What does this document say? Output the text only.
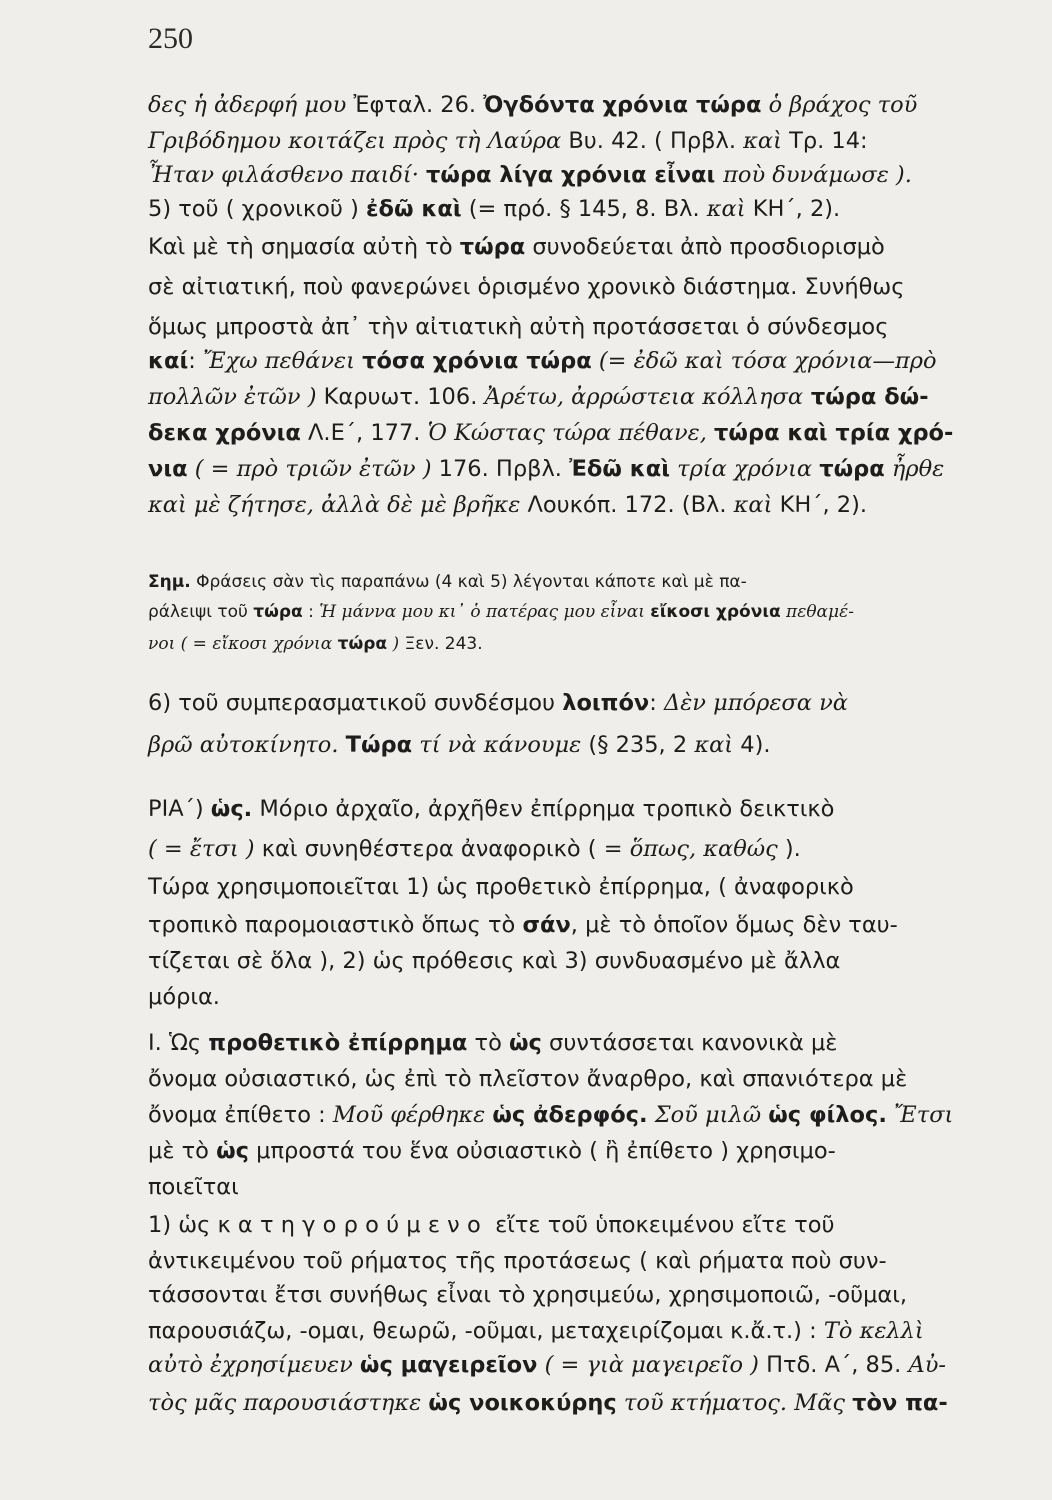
250
δες ἡ ἀδερφή μου Ἐφταλ. 26. Ὀγδόντα χρόνια τώρα ὁ βράχος τοῦ
Γριβόδημου κοιτάζει πρὸς τὴ Λαύρα Βυ. 42. ( Πρβλ. καὶ Τρ. 14:
Ἦταν φιλάσθενο παιδί· τώρα λίγα χρόνια εἶναι ποὺ δυνάμωσε ).
5) τοῦ ( χρονικοῦ ) ἐδῶ καὶ (= πρό. § 145, 8. Βλ. καὶ ΚΗ΄, 2).
Καὶ μὲ τὴ σημασία αὐτὴ τὸ τώρα συνοδεύεται ἀπὸ προσδιορισμὸ
σὲ αἰτιατική, ποὺ φανερώνει ὁρισμένο χρονικὸ διάστημα. Συνήθως
ὅμως μπροστὰ ἀπ᾿ τὴν αἰτιατικὴ αὐτὴ προτάσσεται ὁ σύνδεσμος
καί: Ἔχω πεθάνει τόσα χρόνια τώρα (= ἐδῶ καὶ τόσα χρόνια—πρὸ
πολλῶν ἐτῶν ) Καρυωτ. 106. Ἀρέτω, ἀρρώστεια κόλλησα τώρα δώ-
δεκα χρόνια Λ.Ε΄, 177. Ὁ Κώστας τώρα πέθανε, τώρα καὶ τρία χρό-
νια ( = πρὸ τριῶν ἐτῶν ) 176. Πρβλ. Ἐδῶ καὶ τρία χρόνια τώρα ἦρθε
καὶ μὲ ζήτησε, ἀλλὰ δὲ μὲ βρῆκε Λουκόπ. 172. (Βλ. καὶ ΚΗ΄, 2).
Σημ. Φράσεις σὰν τὶς παραπάνω (4 καὶ 5) λέγονται κάποτε καὶ μὲ πα-
ράλειψι τοῦ τώρα : Ἡ μάννα μου κι᾿ ὁ πατέρας μου εἶναι εἴκοσι χρόνια πεθαμέ-
νοι ( = εἴκοσι χρόνια τώρα ) Ξεν. 243.
6) τοῦ συμπερασματικοῦ συνδέσμου λοιπόν: Δὲν μπόρεσα νὰ
βρῶ αὐτοκίνητο. Τώρα τί νὰ κάνουμε (§ 235, 2 καὶ 4).
ΡΙΑ΄) ὡς. Μόριο ἀρχαῖο, ἀρχῆθεν ἐπίρρημα τροπικὸ δεικτικὸ
( = ἔτσι ) καὶ συνηθέστερα ἀναφορικὸ ( = ὅπως, καθώς ).
Τώρα χρησιμοποιεῖται 1) ὡς προθετικὸ ἐπίρρημα, ( ἀναφορικὸ
τροπικὸ παρομοιαστικὸ ὅπως τὸ σάν, μὲ τὸ ὁποῖον ὅμως δὲν ταυ-
τίζεται σὲ ὅλα ), 2) ὡς πρόθεσις καὶ 3) συνδυασμένο μὲ ἄλλα
μόρια.
Ι. Ὡς προθετικὸ ἐπίρρημα τὸ ὡς συντάσσεται κανονικὰ μὲ
ὄνομα οὐσιαστικό, ὡς ἐπὶ τὸ πλεῖστον ἄναρθρο, καὶ σπανιότερα μὲ
ὄνομα ἐπίθετο : Μοῦ φέρθηκε ὡς ἀδερφός. Σοῦ μιλῶ ὡς φίλος. Ἔτσι
μὲ τὸ ὡς μπροστά του ἕνα οὐσιαστικὸ ( ἢ ἐπίθετο ) χρησιμο-
ποιεῖται
1) ὡς κατηγορούμενο εἴτε τοῦ ὑποκειμένου εἴτε τοῦ
ἀντικειμένου τοῦ ρήματος τῆς προτάσεως ( καὶ ρήματα ποὺ συν-
τάσσονται ἔτσι συνήθως εἶναι τὸ χρησιμεύω, χρησιμοποιῶ, -οῦμαι,
παρουσιάζω, -ομαι, θεωρῶ, -οῦμαι, μεταχειρίζομαι κ.ἄ.τ.) : Τὸ κελλὶ
αὐτὸ ἐχρησίμευεν ὡς μαγειρεῖον ( = γιὰ μαγειρεῖο ) Πτδ. Α΄, 85. Αὐ-
τὸς μᾶς παρουσιάστηκε ὡς νοικοκύρης τοῦ κτήματος. Μᾶς τὸν πα-
